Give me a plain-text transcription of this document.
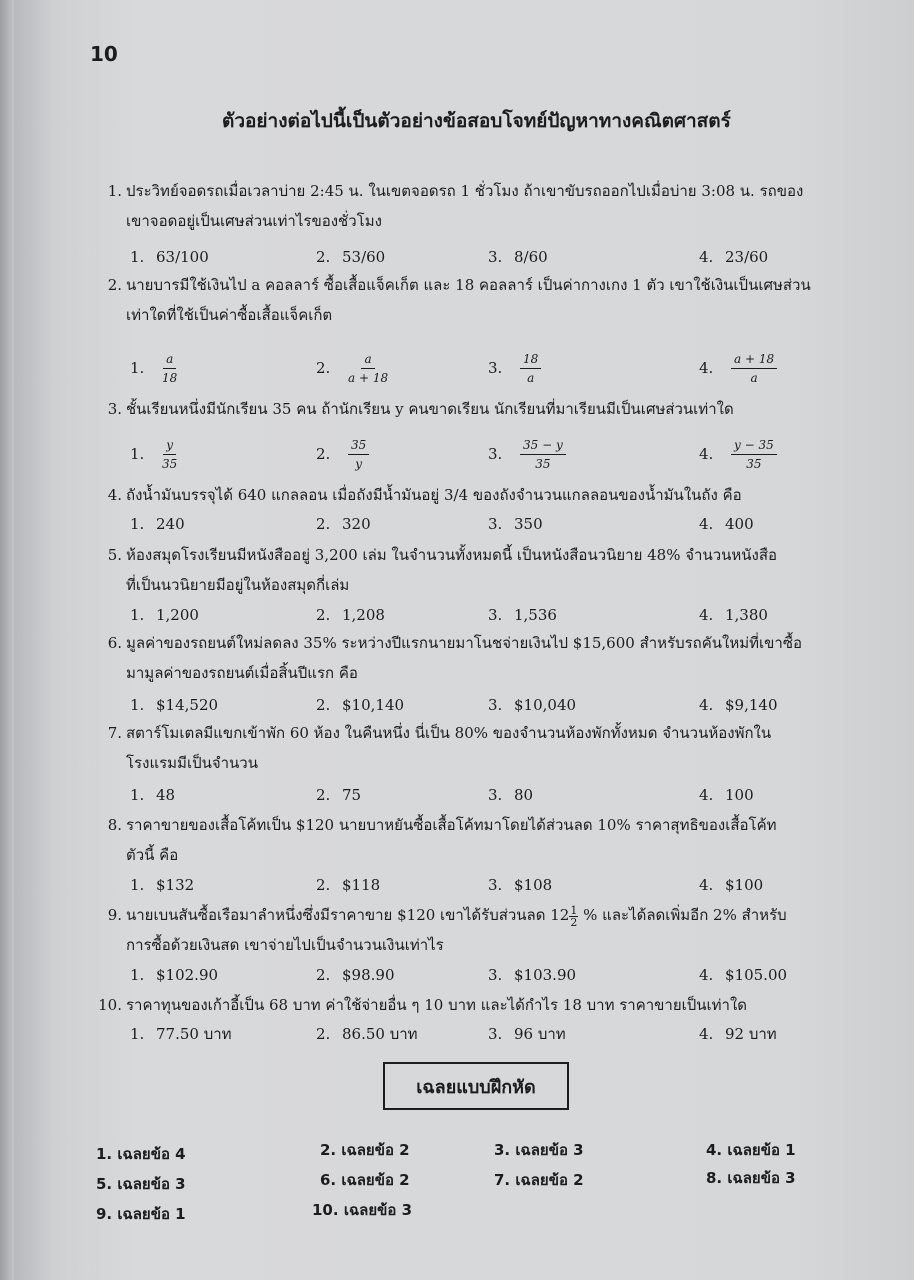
10
ตัวอย่างต่อไปนี้เป็นตัวอย่างข้อสอบโจทย์ปัญหาทางคณิตศาสตร์
1. ประวิทย์จอดรถเมื่อเวลาบ่าย 2:45 น. ในเขตจอดรถ 1 ชั่วโมง ถ้าเขาขับรถออกไปเมื่อบ่าย 3:08 น. รถของ
เขาจอดอยู่เป็นเศษส่วนเท่าไรของชั่วโมง
1. 63/100	2. 53/60	3. 8/60	4. 23/60
2. นายบารมีใช้เงินไป a คอลลาร์ ซื้อเสื้อแจ็คเก็ต และ 18 คอลลาร์ เป็นค่ากางเกง 1 ตัว เขาใช้เงินเป็นเศษส่วน
เท่าใดที่ใช้เป็นค่าซื้อเสื้อแจ็คเก็ต
1. $\frac{a}{18}$	2. $\frac{a}{a + 18}$	3. $\frac{18}{a}$	4. $\frac{a + 18}{a}$
3. ชั้นเรียนหนึ่งมีนักเรียน 35 คน ถ้านักเรียน y คนขาดเรียน นักเรียนที่มาเรียนมีเป็นเศษส่วนเท่าใด
1. $\frac{y}{35}$	2. $\frac{35}{y}$	3. $\frac{35 - y}{35}$	4. $\frac{y - 35}{35}$
4. ถังน้ำมันบรรจุได้ 640 แกลลอน เมื่อถังมีน้ำมันอยู่ 3/4 ของถังจำนวนแกลลอนของน้ำมันในถัง คือ
1. 240	2. 320	3. 350	4. 400
5. ห้องสมุดโรงเรียนมีหนังสืออยู่ 3,200 เล่ม ในจำนวนทั้งหมดนี้ เป็นหนังสือนวนิยาย 48% จำนวนหนังสือ
ที่เป็นนวนิยายมีอยู่ในห้องสมุดกี่เล่ม
1. 1,200	2. 1,208	3. 1,536	4. 1,380
6. มูลค่าของรถยนต์ใหม่ลดลง 35% ระหว่างปีแรกนายมาโนชจ่ายเงินไป $15,600 สำหรับรถคันใหม่ที่เขาซื้อ
มามูลค่าของรถยนต์เมื่อสิ้นปีแรก คือ
1. $14,520	2. $10,140	3. $10,040	4. $9,140
7. สตาร์โมเตลมีแขกเข้าพัก 60 ห้อง ในคืนหนึ่ง นี่เป็น 80% ของจำนวนห้องพักทั้งหมด จำนวนห้องพักใน
โรงแรมมีเป็นจำนวน
1. 48	2. 75	3. 80	4. 100
8. ราคาขายของเสื้อโค้ทเป็น $120 นายบาหยันซื้อเสื้อโค้ทมาโดยได้ส่วนลด 10% ราคาสุทธิของเสื้อโค้ท
ตัวนี้ คือ
1. $132	2. $118	3. $108	4. $100
9. นายเบนสันซื้อเรือมาลำหนึ่งซึ่งมีราคาขาย $120 เขาได้รับส่วนลด $12 \frac{1}{2}$ % และได้ลดเพิ่มอีก 2% สำหรับ
การซื้อด้วยเงินสด เขาจ่ายไปเป็นจำนวนเงินเท่าไร
1. $102.90	2. $98.90	3. $103.90	4. $105.00
10. ราคาทุนของเก้าอี้เป็น 68 บาท ค่าใช้จ่ายอื่น ๆ 10 บาท และได้กำไร 18 บาท ราคาขายเป็นเท่าใด
1. 77.50 บาท	2. 86.50 บาท	3. 96 บาท	4. 92 บาท
เฉลยแบบฝึกหัด
1. เฉลยข้อ 4	2. เฉลยข้อ 2	3. เฉลยข้อ 3	4. เฉลยข้อ 1
5. เฉลยข้อ 3	6. เฉลยข้อ 2	7. เฉลยข้อ 2	8. เฉลยข้อ 3
9. เฉลยข้อ 1	10. เฉลยข้อ 3
